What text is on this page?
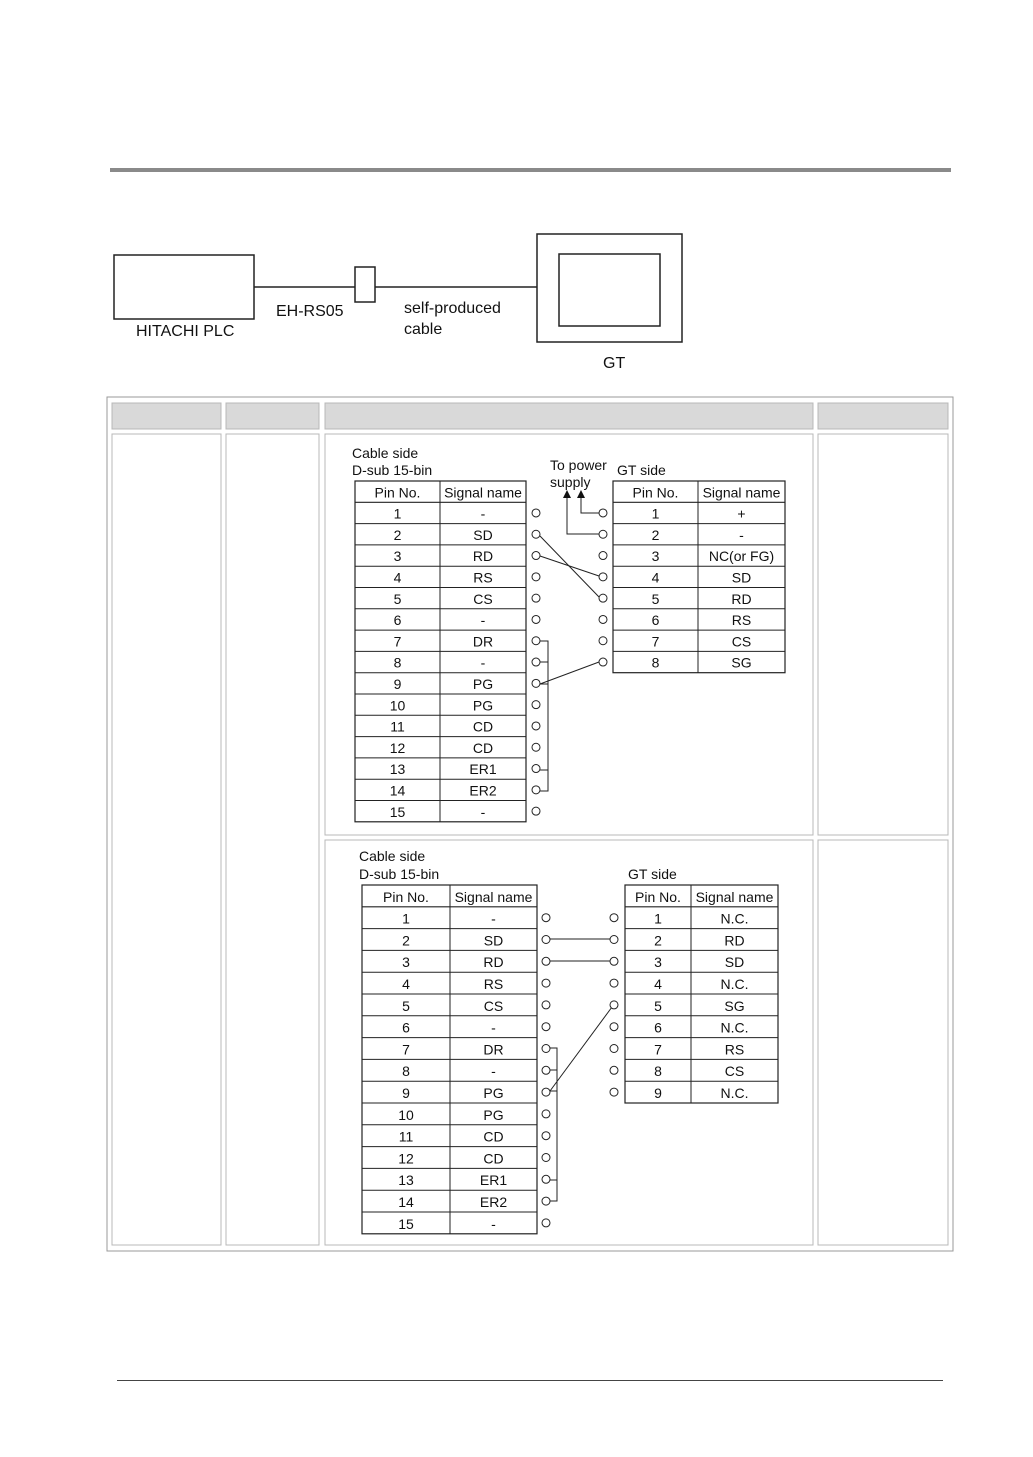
HITACHI PLC
EH-RS05	self-produced
cable
GT
Cable side
D-sub 15-bin	To power
supply
GT side
Cable side
D-sub 15-bin	GT side
Pin No. Signal name
1	-
2	SD
3	RD
4	RS
5	CS
6	-
7	DR
8	-
9	PG
10	PG
11	CD
12	CD
13	ER1
14	ER2
15	-
Pin No. Signal name
1	+
2	-
3	NC(or FG)
4	SD
5	RD
6	RS
7	CS
8	SG
Pin No. Signal name
1	-
2	SD
3	RD
4	RS
5	CS
6	-
7	DR
8	-
9	PG
10	PG
11	CD
12	CD
13	ER1
14	ER2
15	-
Pin No. Signal name
1	N.C.
2	RD
3	SD
4	N.C.
5	SG
6	N.C.
7	RS
8	CS
9	N.C.
